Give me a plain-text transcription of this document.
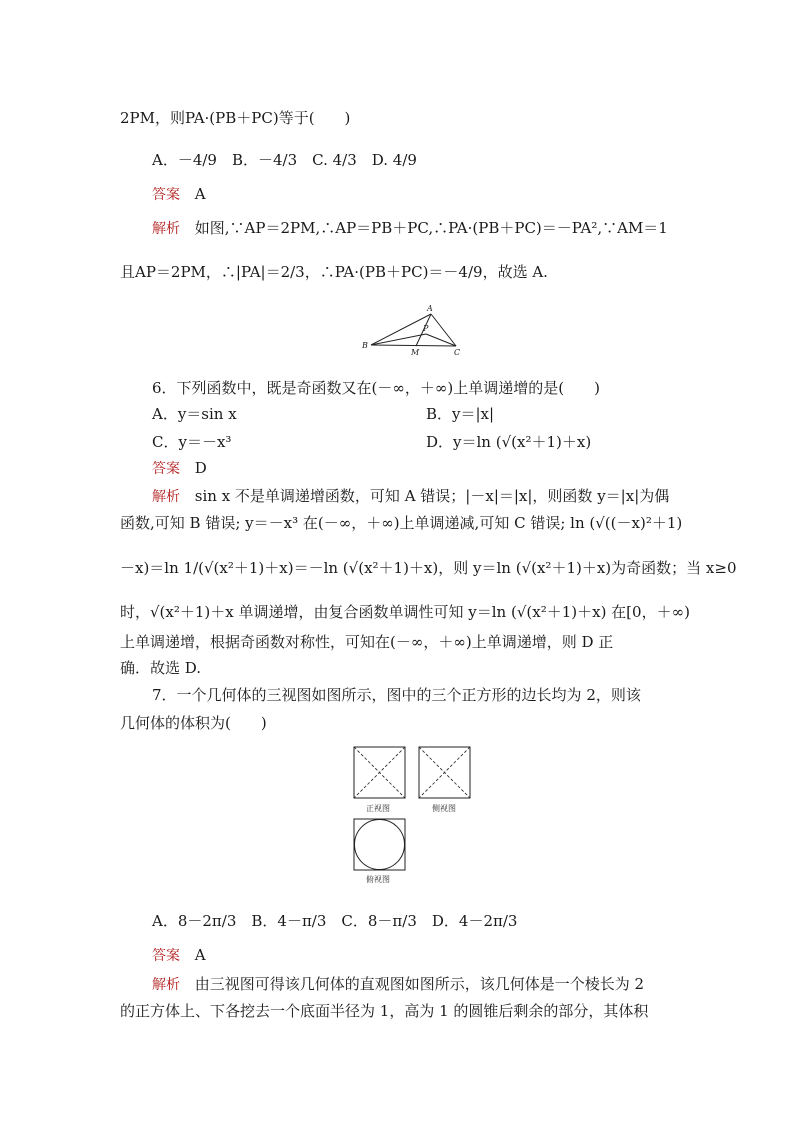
2PM，则PA·(PB＋PC)等于(　　)
A．－4/9　B．－4/3　C. 4/3　D. 4/9
答案 A
解析 如图,∵AP＝2PM,∴AP＝PB＋PC,∴PA·(PB＋PC)＝－PA²,∵AM＝1
且AP＝2PM，∴|PA|＝2/3，∴PA·(PB＋PC)＝－4/9，故选 A.
A
P
B
M	C
6．下列函数中，既是奇函数又在(－∞，＋∞)上单调递增的是(　　)
A．y＝sin x	B．y＝|x|
C．y＝－x³	D．y＝ln (√(x²＋1)＋x)
答案 D
解析 sin x 不是单调递增函数，可知 A 错误；|－x|＝|x|，则函数 y＝|x|为偶
函数,可知 B 错误; y＝－x³ 在(－∞，＋∞)上单调递减,可知 C 错误; ln (√((－x)²＋1)
－x)＝ln 1/(√(x²＋1)＋x)＝－ln (√(x²＋1)＋x)，则 y＝ln (√(x²＋1)＋x)为奇函数；当 x≥0
时，√(x²＋1)＋x 单调递增，由复合函数单调性可知 y＝ln (√(x²＋1)＋x) 在[0，＋∞)
上单调递增，根据奇函数对称性，可知在(－∞，＋∞)上单调递增，则 D 正
确．故选 D.
7．一个几何体的三视图如图所示，图中的三个正方形的边长均为 2，则该
几何体的体积为(　　)
正视图	侧视图
俯视图
A．8－2π/3　B．4－π/3　C．8－π/3　D．4－2π/3
答案 A
解析 由三视图可得该几何体的直观图如图所示，该几何体是一个棱长为 2
的正方体上、下各挖去一个底面半径为 1，高为 1 的圆锥后剩余的部分，其体积
